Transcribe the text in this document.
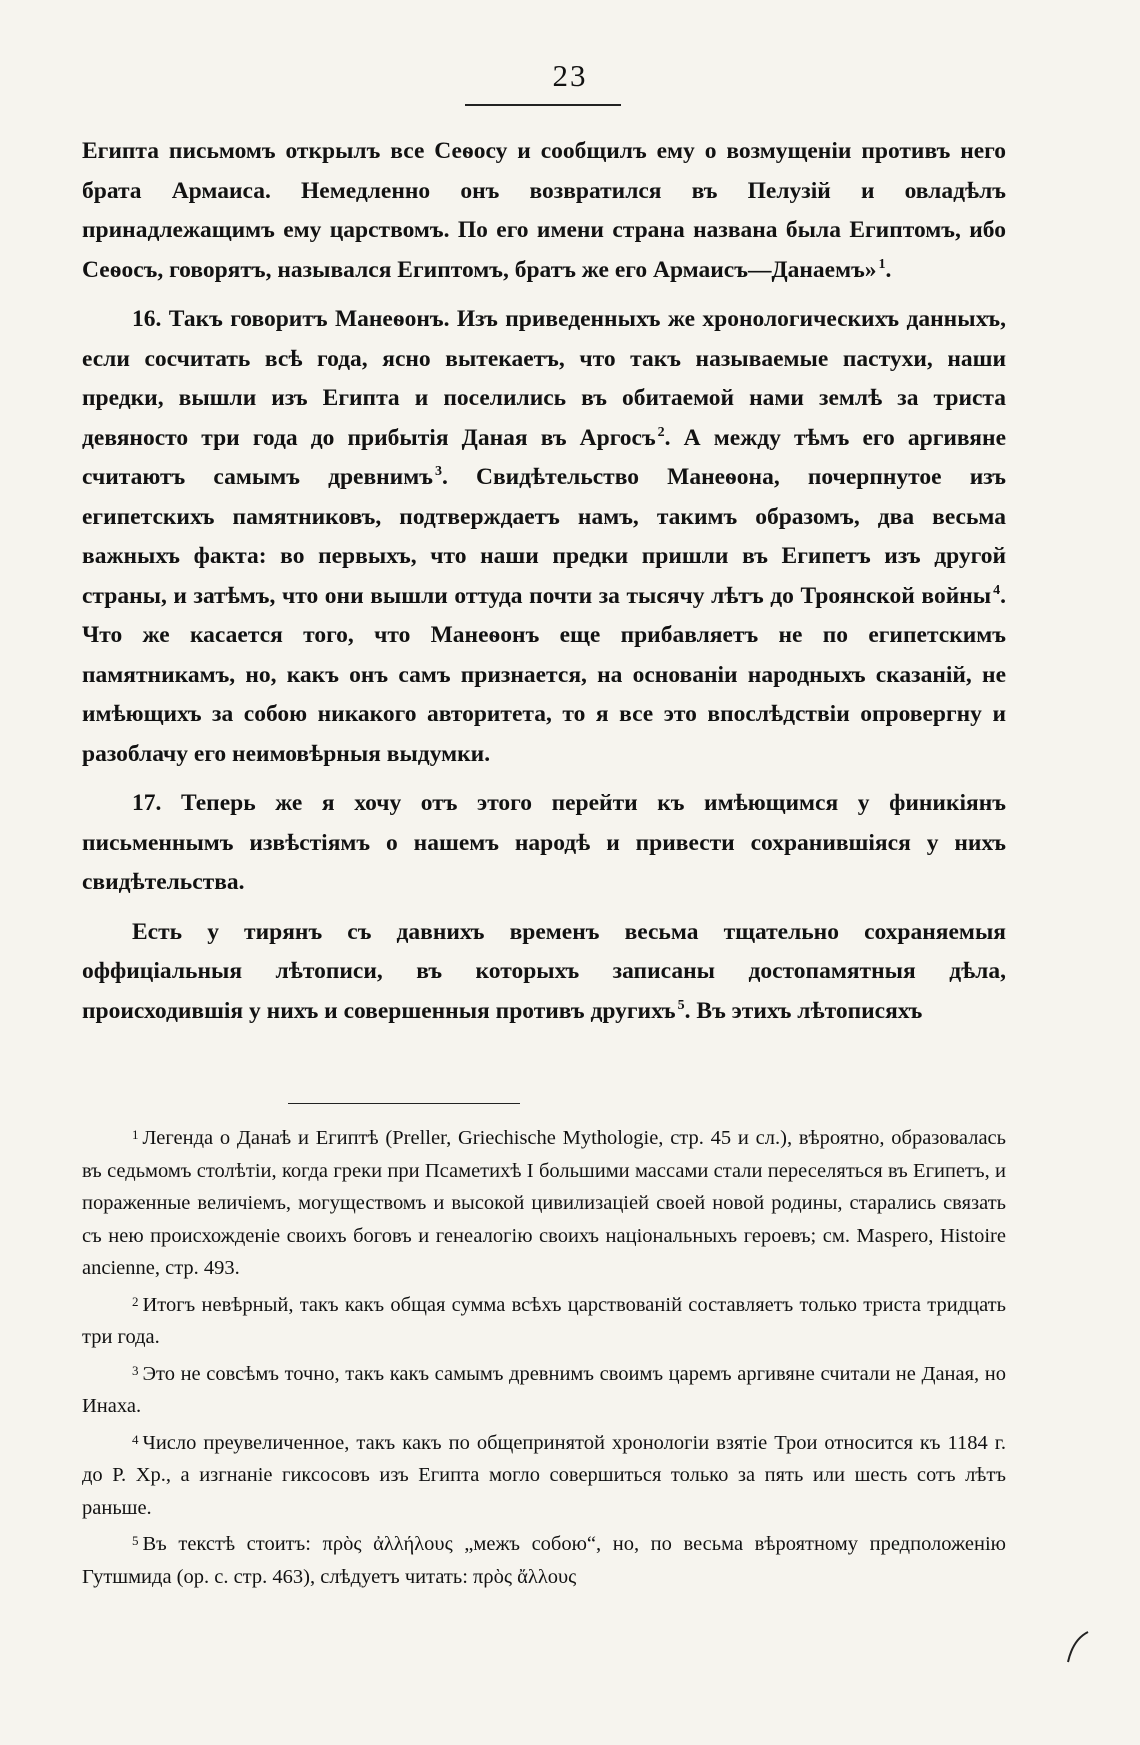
23

Египта письмомъ открылъ все Сеѳосу и сообщилъ ему о возмущеніи противъ него брата Армаиса. Немедленно онъ возвратился въ Пелузій и овладѣлъ принадлежащимъ ему царствомъ. По его имени страна названа была Египтомъ, ибо Сеѳосъ, говорятъ, назывался Египтомъ, братъ же его Армаисъ—Данаемъ» $^1$.

16. Такъ говоритъ Манеѳонъ. Изъ приведенныхъ же хронологическихъ данныхъ, если сосчитать всѣ года, ясно вытекаетъ, что такъ называемые пастухи, наши предки, вышли изъ Египта и поселились въ обитаемой нами землѣ за триста девяносто три года до прибытія Даная въ Аргосъ $^2$. А между тѣмъ его аргивяне считаютъ самымъ древнимъ $^3$. Свидѣтельство Манеѳона, почерпнутое изъ египетскихъ памятниковъ, подтверждаетъ намъ, такимъ образомъ, два весьма важныхъ факта: во первыхъ, что наши предки пришли въ Египетъ изъ другой страны, и затѣмъ, что они вышли оттуда почти за тысячу лѣтъ до Троянской войны $^4$. Что же касается того, что Манеѳонъ еще прибавляетъ не по египетскимъ памятникамъ, но, какъ онъ самъ признается, на основаніи народныхъ сказаній, не имѣющихъ за собою никакого авторитета, то я все это впослѣдствіи опровергну и разоблачу его неимовѣрныя выдумки.

17. Теперь же я хочу отъ этого перейти къ имѣющимся у финикіянъ письменнымъ извѣстіямъ о нашемъ народѣ и привести сохранившіяся у нихъ свидѣтельства.

Есть у тирянъ съ давнихъ временъ весьма тщательно сохраняемыя оффиціальныя лѣтописи, въ которыхъ записаны достопамятныя дѣла, происходившія у нихъ и совершенныя противъ другихъ $^5$. Въ этихъ лѣтописяхъ

$^1$ Легенда о Данаѣ и Египтѣ (Preller, Griechische Mythologie, стр. 45 и сл.), вѣроятно, образовалась въ седьмомъ столѣтіи, когда греки при Псаметихѣ I большими массами стали переселяться въ Египетъ, и пораженные величіемъ, могуществомъ и высокой цивилизаціей своей новой родины, старались связать съ нею происхожденіе своихъ боговъ и генеалогію своихъ національныхъ героевъ; см. Maspero, Histoire ancienne, стр. 493.

$^2$ Итогъ невѣрный, такъ какъ общая сумма всѣхъ царствованій составляетъ только триста тридцать три года.

$^3$ Это не совсѣмъ точно, такъ какъ самымъ древнимъ своимъ царемъ аргивяне считали не Даная, но Инаха.

$^4$ Число преувеличенное, такъ какъ по общепринятой хронологіи взятіе Трои относится къ 1184 г. до Р. Хр., а изгнаніе гиксосовъ изъ Египта могло совершиться только за пять или шесть сотъ лѣтъ раньше.

$^5$ Въ текстѣ стоитъ: πρὸς ἀλλήλους „межъ собою“, но, по весьма вѣроятному предположенію Гутшмида (ор. с. стр. 463), слѣдуетъ читать: πρὸς ἄλλους
